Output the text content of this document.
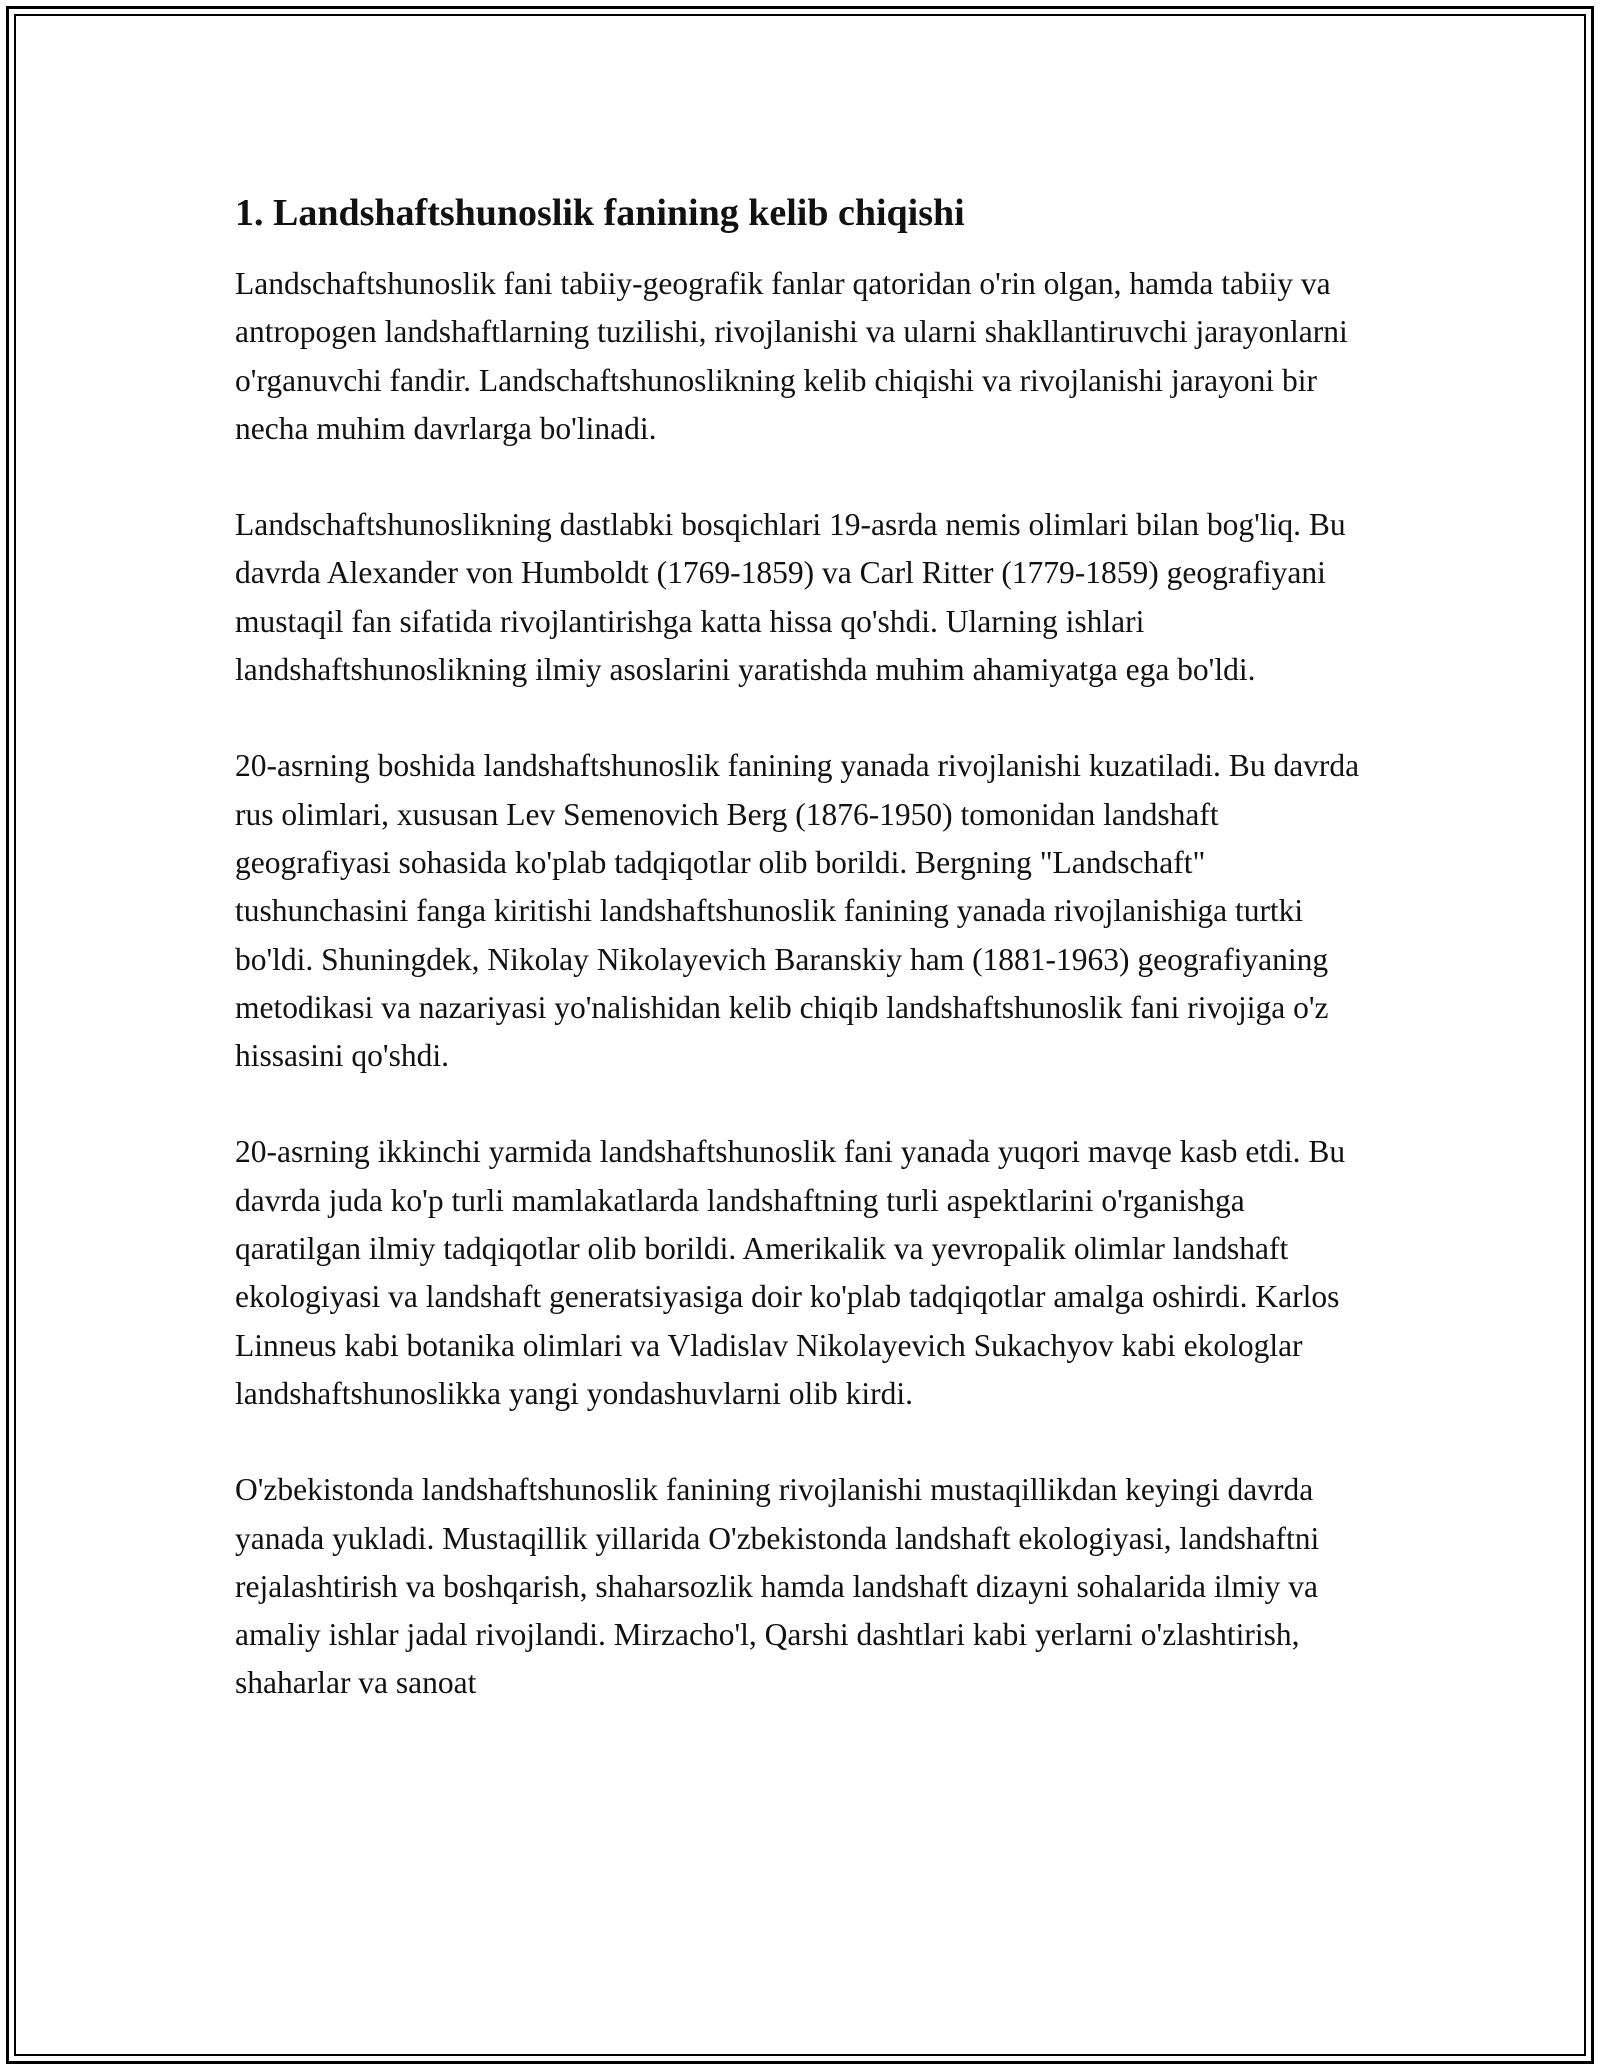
1. Landshaftshunoslik fanining kelib chiqishi

Landschaftshunoslik fani tabiiy-geografik fanlar qatoridan o'rin olgan, hamda tabiiy va antropogen landshaftlarning tuzilishi, rivojlanishi va ularni shakllantiruvchi jarayonlarni o'rganuvchi fandir. Landschaftshunoslikning kelib chiqishi va rivojlanishi jarayoni bir necha muhim davrlarga bo'linadi.

Landschaftshunoslikning dastlabki bosqichlari 19-asrda nemis olimlari bilan bog'liq. Bu davrda Alexander von Humboldt (1769-1859) va Carl Ritter (1779-1859) geografiyani mustaqil fan sifatida rivojlantirishga katta hissa qo'shdi. Ularning ishlari landshaftshunoslikning ilmiy asoslarini yaratishda muhim ahamiyatga ega bo'ldi.

20-asrning boshida landshaftshunoslik fanining yanada rivojlanishi kuzatiladi. Bu davrda rus olimlari, xususan Lev Semenovich Berg (1876-1950) tomonidan landshaft geografiyasi sohasida ko'plab tadqiqotlar olib borildi. Bergning "Landschaft" tushunchasini fanga kiritishi landshaftshunoslik fanining yanada rivojlanishiga turtki bo'ldi. Shuningdek, Nikolay Nikolayevich Baranskiy ham (1881-1963) geografiyaning metodikasi va nazariyasi yo'nalishidan kelib chiqib landshaftshunoslik fani rivojiga o'z hissasini qo'shdi.

20-asrning ikkinchi yarmida landshaftshunoslik fani yanada yuqori mavqe kasb etdi. Bu davrda juda ko'p turli mamlakatlarda landshaftning turli aspektlarini o'rganishga qaratilgan ilmiy tadqiqotlar olib borildi. Amerikalik va yevropalik olimlar landshaft ekologiyasi va landshaft generatsiyasiga doir ko'plab tadqiqotlar amalga oshirdi. Karlos Linneus kabi botanika olimlari va Vladislav Nikolayevich Sukachyov kabi ekologlar landshaftshunoslikka yangi yondashuvlarni olib kirdi.

O'zbekistonda landshaftshunoslik fanining rivojlanishi mustaqillikdan keyingi davrda yanada yukladi. Mustaqillik yillarida O'zbekistonda landshaft ekologiyasi, landshaftni rejalashtirish va boshqarish, shaharsozlik hamda landshaft dizayni sohalarida ilmiy va amaliy ishlar jadal rivojlandi. Mirzacho'l, Qarshi dashtlari kabi yerlarni o'zlashtirish, shaharlar va sanoat
